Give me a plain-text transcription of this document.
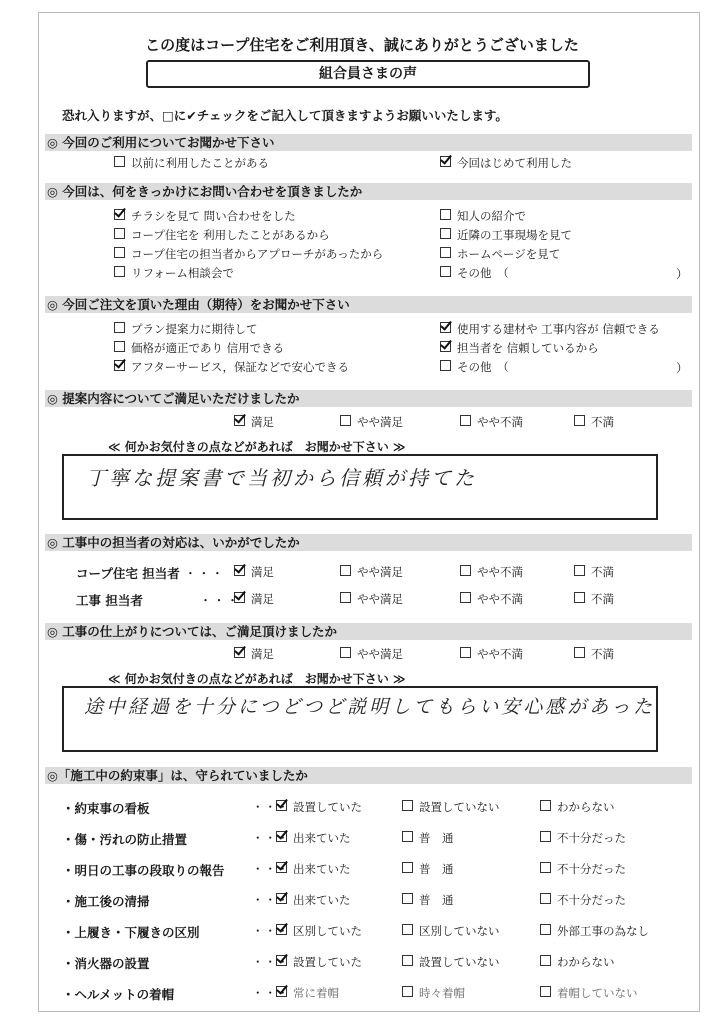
この度はコープ住宅をご利用頂き、誠にありがとうございました
組合員さまの声
恐れ入りますが、□に✔チェックをご記入して頂きますようお願いいたします。
◎ 今回のご利用についてお聞かせ下さい
以前に利用したことがある	今回はじめて利用した
◎ 今回は、何をきっかけにお問い合わせを頂きましたか
チラシを見て 問い合わせをした	知人の紹介で
コープ住宅を 利用したことがあるから	近隣の工事現場を見て
コープ住宅の担当者からアプローチがあったから	ホームページを見て
リフォーム相談会で	その他　（	）
◎ 今回ご注文を頂いた理由（期待）をお聞かせ下さい
プラン提案力に期待して	使用する建材や 工事内容が 信頼できる
価格が適正であり 信用できる	担当者を 信頼しているから
アフターサービス，保証などで安心できる	その他　（	）
◎ 提案内容についてご満足いただけましたか
満足	やや満足	やや不満	不満
≪ 何かお気付きの点などがあれば　お聞かせ下さい ≫
丁寧な提案書で当初から信頼が持てた
◎ 工事中の担当者の対応は、いかがでしたか
コープ住宅 担当者 ・・・	満足	やや満足	やや不満	不満
工事 担当者	・・・ 満足	やや満足	やや不満	不満
◎ 工事の仕上がりについては、ご満足頂けましたか
満足	やや満足	やや不満	不満
≪ 何かお気付きの点などがあれば　お聞かせ下さい ≫
途中経過を十分につどつど説明してもらい安心感があった
◎「施工中の約束事」は、守られていましたか
・約束事の看板	・・・ 設置していた	設置していない	わからない
・傷・汚れの防止措置	・・・ 出来ていた	普　通	不十分だった
・明日の工事の段取りの報告 ・・・ 出来ていた	普　通	不十分だった
・施工後の清掃	・・・ 出来ていた	普　通	不十分だった
・上履き・下履きの区別	・・・ 区別していた	区別していない	外部工事の為なし
・消火器の設置	・・・ 設置していた	設置していない	わからない
・ヘルメットの着帽	・・・ 常に着帽	時々着帽	着帽していない
